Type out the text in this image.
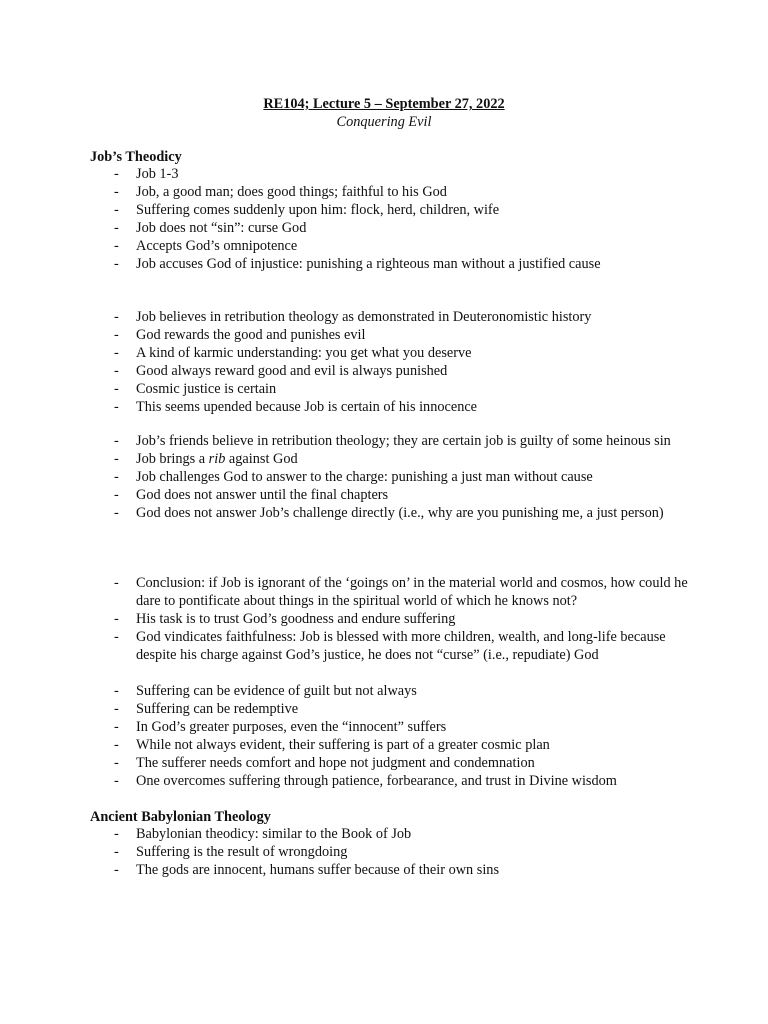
RE104; Lecture 5 – September 27, 2022
Conquering Evil
Job’s Theodicy
- Job 1-3
- Job, a good man; does good things; faithful to his God
- Suffering comes suddenly upon him: flock, herd, children, wife
- Job does not “sin”: curse God
- Accepts God’s omnipotence
- Job accuses God of injustice: punishing a righteous man without a justified cause
- Job believes in retribution theology as demonstrated in Deuteronomistic history
- God rewards the good and punishes evil
- A kind of karmic understanding: you get what you deserve
- Good always reward good and evil is always punished
- Cosmic justice is certain
- This seems upended because Job is certain of his innocence
- Job’s friends believe in retribution theology; they are certain job is guilty of some heinous sin
- Job brings a rib against God
- Job challenges God to answer to the charge: punishing a just man without cause
- God does not answer until the final chapters
- God does not answer Job’s challenge directly (i.e., why are you punishing me, a just person)
- Conclusion: if Job is ignorant of the ‘goings on’ in the material world and cosmos, how could he dare to pontificate about things in the spiritual world of which he knows not?
- His task is to trust God’s goodness and endure suffering
- God vindicates faithfulness: Job is blessed with more children, wealth, and long-life because despite his charge against God’s justice, he does not “curse” (i.e., repudiate) God
- Suffering can be evidence of guilt but not always
- Suffering can be redemptive
- In God’s greater purposes, even the “innocent” suffers
- While not always evident, their suffering is part of a greater cosmic plan
- The sufferer needs comfort and hope not judgment and condemnation
- One overcomes suffering through patience, forbearance, and trust in Divine wisdom
Ancient Babylonian Theology
- Babylonian theodicy: similar to the Book of Job
- Suffering is the result of wrongdoing
- The gods are innocent, humans suffer because of their own sins
